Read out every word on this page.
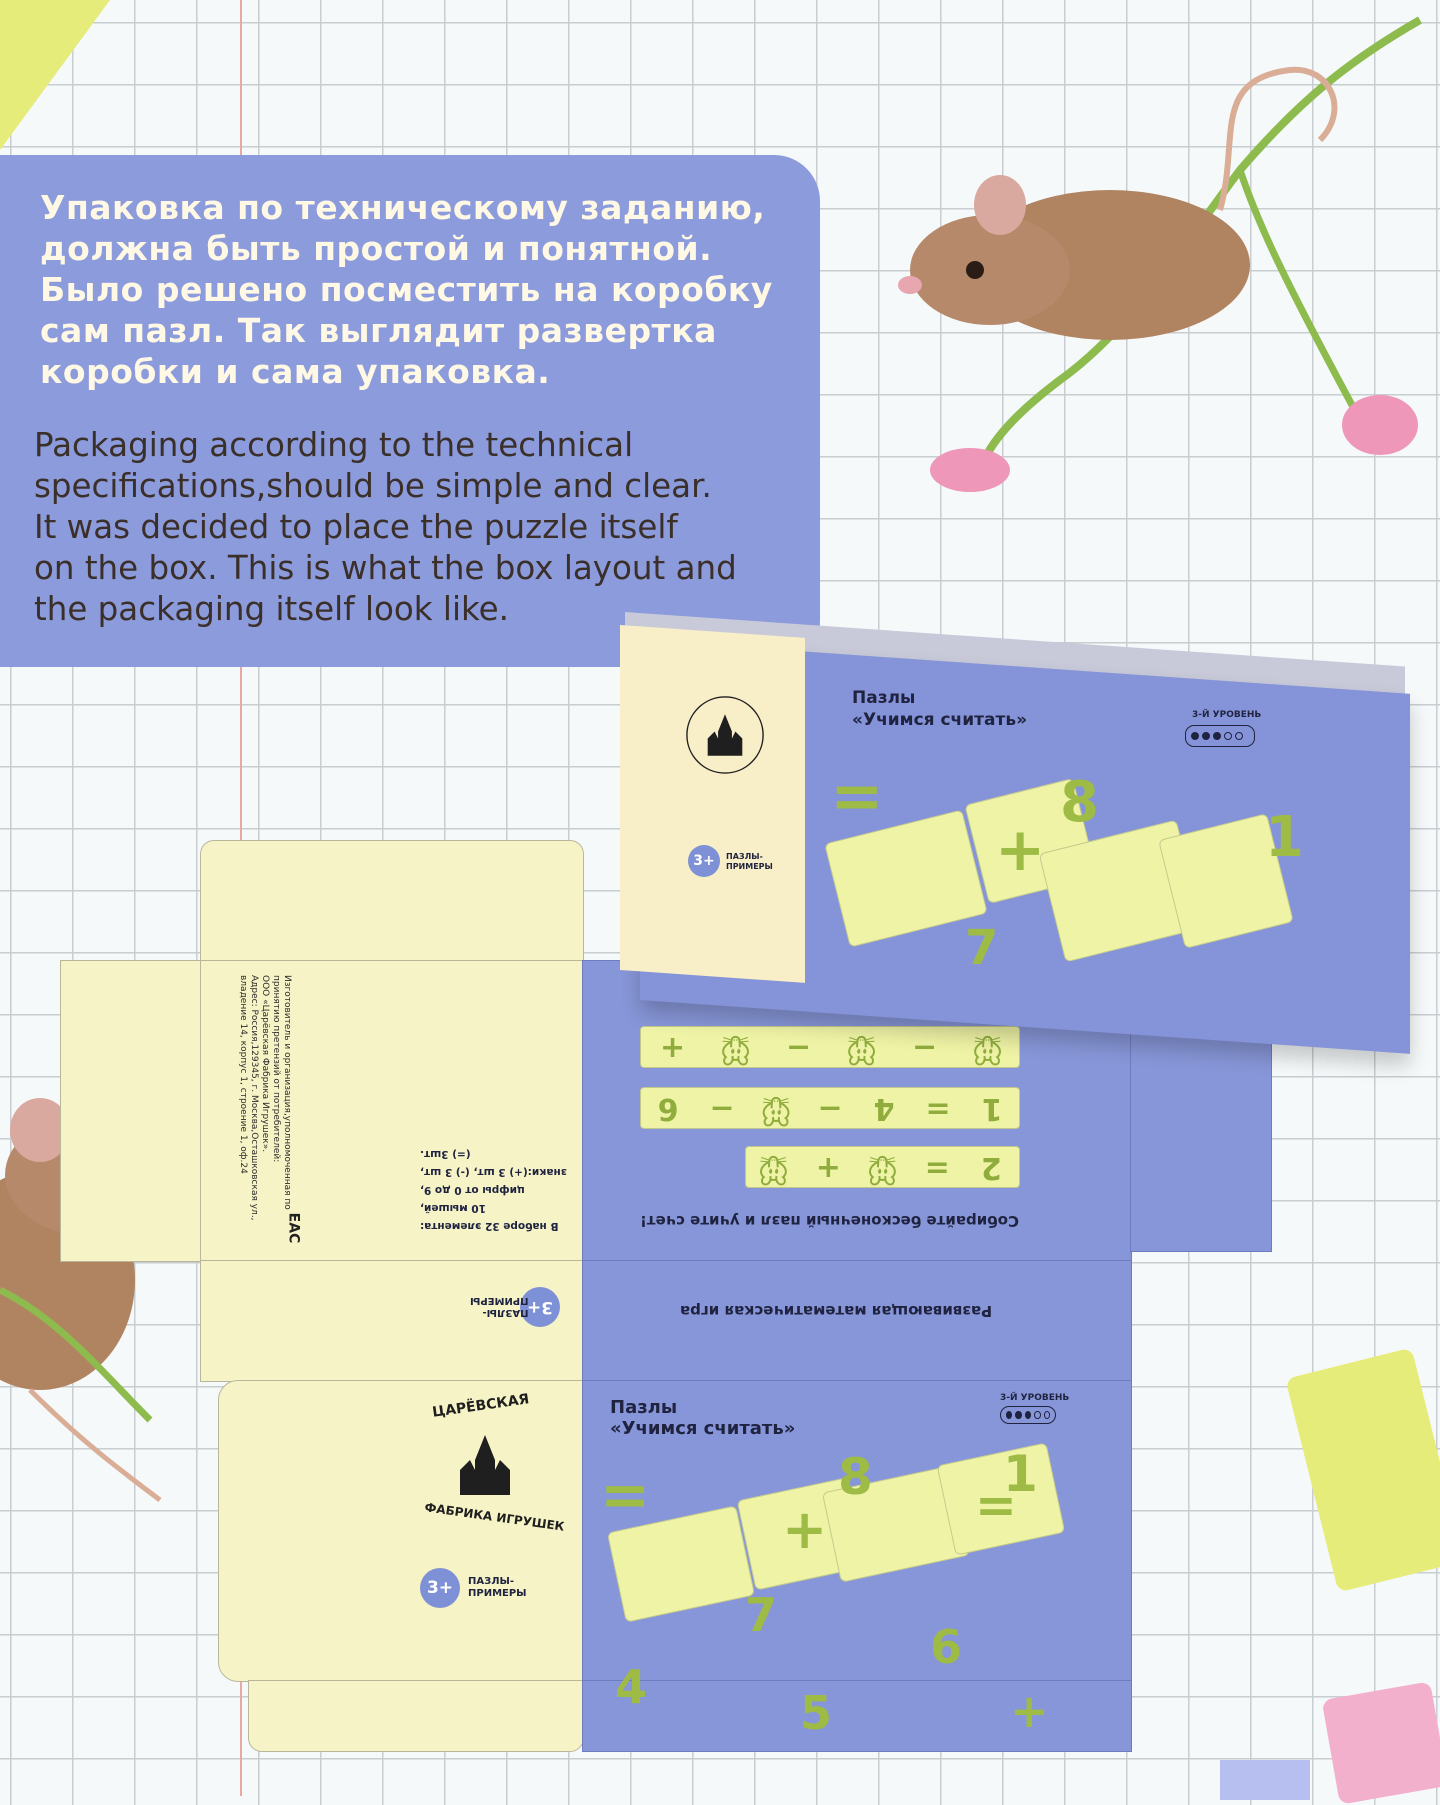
Упаковка по техническому заданию,
должна быть простой и понятной.
Было решено посместить на коробку
сам пазл. Так выглядит развертка
коробки и сама упаковка.
Packaging according to the technical
specifications,should be simple and clear.
It was decided to place the puzzle itself
on the box. This is what the box layout and
the packaging itself look like.
Изготовитель и организация,уполномоченная по
принятию претензий от потребителей:
ООО «Царёвская Фабрика Игрушек».
Адрес: Россия,129345, г. Москва,Осташковская ул.,
владение 14, корпус 1, строение 1, оф.24
EAC	В наборе 32 элемента:
10 мышей,
цифры от 0 до 9,
знаки:(+) 3 шт, (-) 3 шт,
(=) 3шт.
3+
ПАЗЛЫ-
ПРИМЕРЫ
Собирайте бесконечный пазл и учите счет!
Развивающая математическая игра
+	🐭	−	🐭	−	🐭
6	− 🐭 −	4	=	1
🐭 + 🐭 =	2
ЦАРЁВСКАЯ
ФАБРИКА ИГРУШЕК
3+	ПАЗЛЫ-
ПРИМЕРЫ
Пазлы
«Учимся считать»
3-Й УРОВЕНЬ
= +
8	1
=
7
6
4	5	+
3+	ПАЗЛЫ-
ПРИМЕРЫ
Пазлы
«Учимся считать»	3-Й УРОВЕНЬ
=
+
8
1
7
